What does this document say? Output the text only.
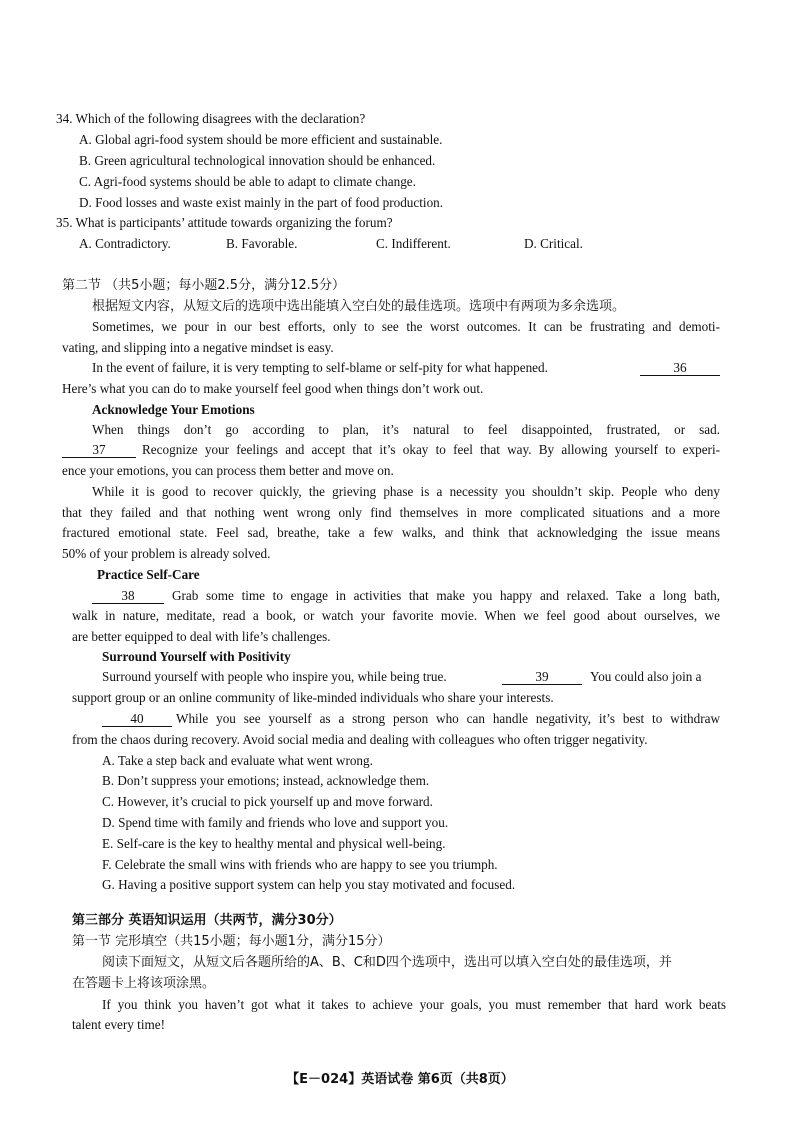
34. Which of the following disagrees with the declaration?
A. Global agri-food system should be more efficient and sustainable.
B. Green agricultural technological innovation should be enhanced.
C. Agri-food systems should be able to adapt to climate change.
D. Food losses and waste exist mainly in the part of food production.
35. What is participants’ attitude towards organizing the forum?
A. Contradictory.	B. Favorable.	C. Indifferent.	D. Critical.
第二节 （共5小题；每小题2.5分，满分12.5分）
根据短文内容，从短文后的选项中选出能填入空白处的最佳选项。选项中有两项为多余选项。
Sometimes, we pour in our best efforts, only to see the worst outcomes. It can be frustrating and demoti-
vating, and slipping into a negative mindset is easy.
In the event of failure, it is very tempting to self-blame or self-pity for what happened.	36
Here’s what you can do to make yourself feel good when things don’t work out.
Acknowledge Your Emotions
When things don’t go according to plan, it’s natural to feel disappointed, frustrated, or sad.
37	Recognize your feelings and accept that it’s okay to feel that way. By allowing yourself to experi-
ence your emotions, you can process them better and move on.
While it is good to recover quickly, the grieving phase is a necessity you shouldn’t skip. People who deny
that they failed and that nothing went wrong only find themselves in more complicated situations and a more
fractured emotional state. Feel sad, breathe, take a few walks, and think that acknowledging the issue means
50% of your problem is already solved.
Practice Self-Care
38	Grab some time to engage in activities that make you happy and relaxed. Take a long bath,
walk in nature, meditate, read a book, or watch your favorite movie. When we feel good about ourselves, we
are better equipped to deal with life’s challenges.
Surround Yourself with Positivity
Surround yourself with people who inspire you, while being true.	39	You could also join a
support group or an online community of like-minded individuals who share your interests.
40	While you see yourself as a strong person who can handle negativity, it’s best to withdraw
from the chaos during recovery. Avoid social media and dealing with colleagues who often trigger negativity.
A. Take a step back and evaluate what went wrong.
B. Don’t suppress your emotions; instead, acknowledge them.
C. However, it’s crucial to pick yourself up and move forward.
D. Spend time with family and friends who love and support you.
E. Self-care is the key to healthy mental and physical well-being.
F. Celebrate the small wins with friends who are happy to see you triumph.
G. Having a positive support system can help you stay motivated and focused.
第三部分 英语知识运用（共两节，满分30分）
第一节 完形填空（共15小题；每小题1分，满分15分）
阅读下面短文，从短文后各题所给的A、B、C和D四个选项中，选出可以填入空白处的最佳选项，并
在答题卡上将该项涂黑。
If you think you haven’t got what it takes to achieve your goals, you must remember that hard work beats
talent every time!
【E－024】英语试卷 第6页（共8页）
